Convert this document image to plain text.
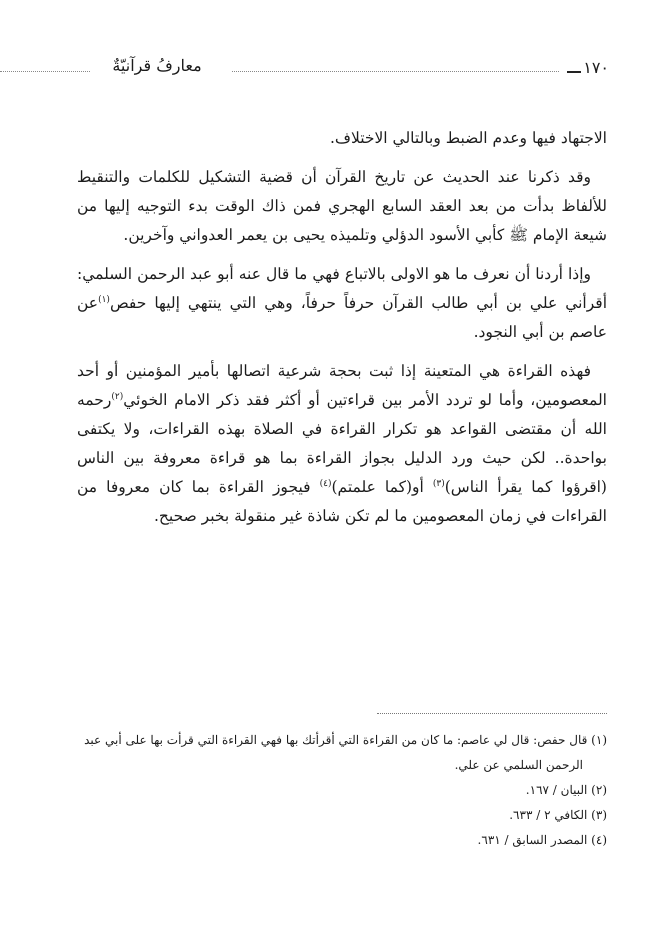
١٧٠
معارفُ قرآنيّةٌ

الاجتهاد فيها وعدم الضبط وبالتالي الاختلاف.

وقد ذكرنا عند الحديث عن تاريخ القرآن أن قضية التشكيل للكلمات والتنقيط للألفاظ بدأت من بعد العقد السابع الهجري فمن ذاك الوقت بدء التوجيه إليها من شيعة الإمام ﷺ كأبي الأسود الدؤلي وتلميذه يحيى بن يعمر العدواني وآخرين.

وإذا أردنا أن نعرف ما هو الاولى بالاتباع فهي ما قال عنه أبو عبد الرحمن السلمي: أقرأني علي بن أبي طالب القرآن حرفاً حرفاً، وهي التي ينتهي إليها حفص$^{(١)}$عن عاصم بن أبي النجود.

فهذه القراءة هي المتعينة إذا ثبت بحجة شرعية اتصالها بأمير المؤمنين أو أحد المعصومين، وأما لو تردد الأمر بين قراءتين أو أكثر فقد ذكر الامام الخوئي$^{(٢)}$رحمه الله أن مقتضى القواعد هو تكرار القراءة في الصلاة بهذه القراءات، ولا يكتفى بواحدة.. لكن حيث ورد الدليل بجواز القراءة بما هو قراءة معروفة بين الناس (اقرؤوا كما يقرأ الناس)$^{(٣)}$ أو(كما علمتم)$^{(٤)}$ فيجوز القراءة بما كان معروفا من القراءات في زمان المعصومين ما لم تكن شاذة غير منقولة بخبر صحيح.

(١) قال حفص: قال لي عاصم: ما كان من القراءة التي أقرأتك بها فهي القراءة التي قرأت بها على أبي عبد
الرحمن السلمي عن علي.
(٢) البيان / ١٦٧.
(٣) الكافي ٢ / ٦٣٣.
(٤) المصدر السابق / ٦٣١.
